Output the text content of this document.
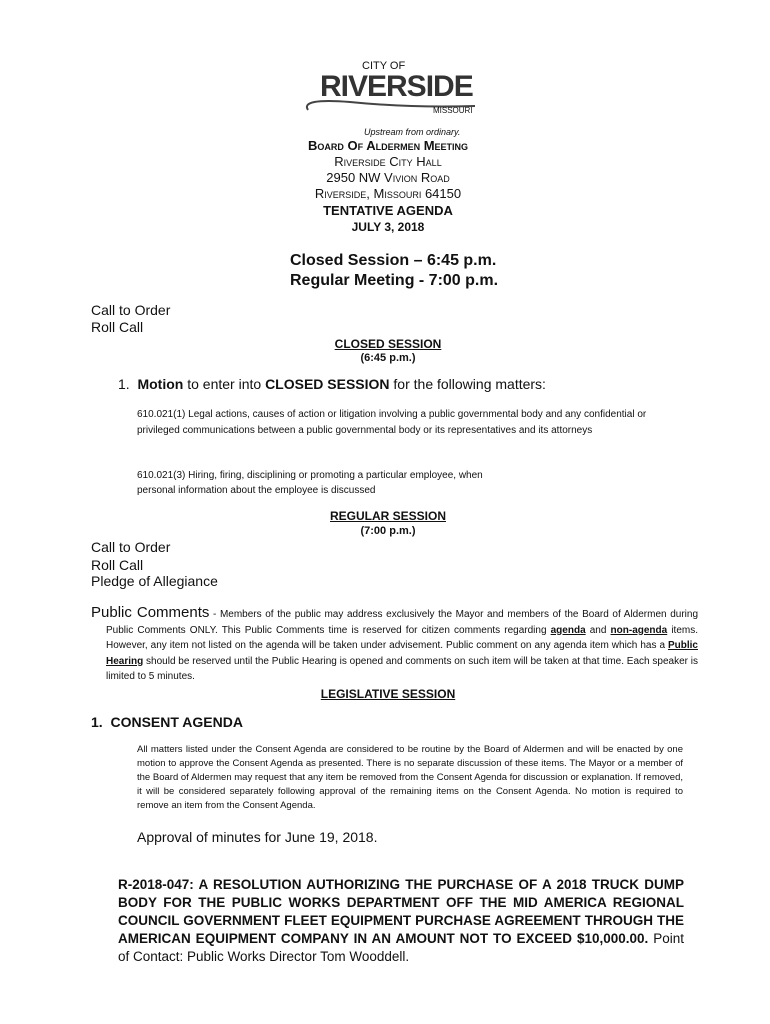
CITY OF
RIVERSIDE
MISSOURI
Upstream from ordinary.
Board Of Aldermen Meeting
Riverside City Hall
2950 NW Vivion Road
Riverside, Missouri 64150
TENTATIVE AGENDA
JULY 3, 2018
Closed Session – 6:45 p.m.
Regular Meeting - 7:00 p.m.
Call to Order
Roll Call
CLOSED SESSION
(6:45 p.m.)
1. Motion to enter into CLOSED SESSION for the following matters:
610.021(1) Legal actions, causes of action or litigation involving a public governmental body and any confidential or privileged communications between a public governmental body or its representatives and its attorneys
610.021(3) Hiring, firing, disciplining or promoting a particular employee, when
personal information about the employee is discussed
REGULAR SESSION
(7:00 p.m.)
Call to Order
Roll Call
Pledge of Allegiance
Public Comments - Members of the public may address exclusively the Mayor and members of the Board of Aldermen during Public Comments ONLY. This Public Comments time is reserved for citizen comments regarding agenda and non-agenda items. However, any item not listed on the agenda will be taken under advisement. Public comment on any agenda item which has a Public Hearing should be reserved until the Public Hearing is opened and comments on such item will be taken at that time. Each speaker is limited to 5 minutes.
LEGISLATIVE SESSION
1. CONSENT AGENDA
All matters listed under the Consent Agenda are considered to be routine by the Board of Aldermen and will be enacted by one motion to approve the Consent Agenda as presented. There is no separate discussion of these items. The Mayor or a member of the Board of Aldermen may request that any item be removed from the Consent Agenda for discussion or explanation. If removed, it will be considered separately following approval of the remaining items on the Consent Agenda. No motion is required to remove an item from the Consent Agenda.
Approval of minutes for June 19, 2018.
R-2018-047: A RESOLUTION AUTHORIZING THE PURCHASE OF A 2018 TRUCK DUMP BODY FOR THE PUBLIC WORKS DEPARTMENT OFF THE MID AMERICA REGIONAL COUNCIL GOVERNMENT FLEET EQUIPMENT PURCHASE AGREEMENT THROUGH THE AMERICAN EQUIPMENT COMPANY IN AN AMOUNT NOT TO EXCEED $10,000.00. Point of Contact: Public Works Director Tom Wooddell.
